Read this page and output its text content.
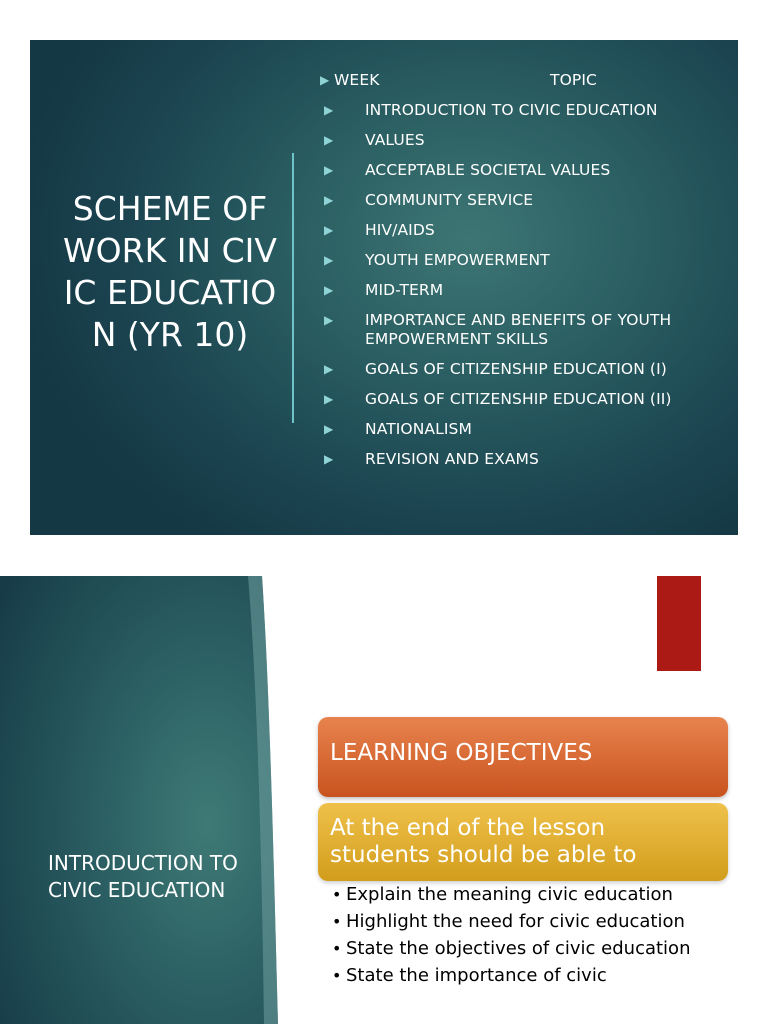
SCHEME OF WORK IN CIVIC EDUCATION (YR 10)
▶ WEEK	TOPIC
▶	INTRODUCTION TO CIVIC EDUCATION
▶	VALUES
▶	ACCEPTABLE SOCIETAL VALUES
▶	COMMUNITY SERVICE
▶	HIV/AIDS
▶	YOUTH EMPOWERMENT
▶	MID-TERM
▶	IMPORTANCE AND BENEFITS OF YOUTH EMPOWERMENT SKILLS
▶	GOALS OF CITIZENSHIP EDUCATION (I)
▶	GOALS OF CITIZENSHIP EDUCATION (II)
▶	NATIONALISM
▶	REVISION AND EXAMS
INTRODUCTION TO CIVIC EDUCATION
LEARNING OBJECTIVES
At the end of the lesson students should be able to
• Explain the meaning civic education
• Highlight the need for civic education
• State the objectives of civic education
• State the importance of civic
